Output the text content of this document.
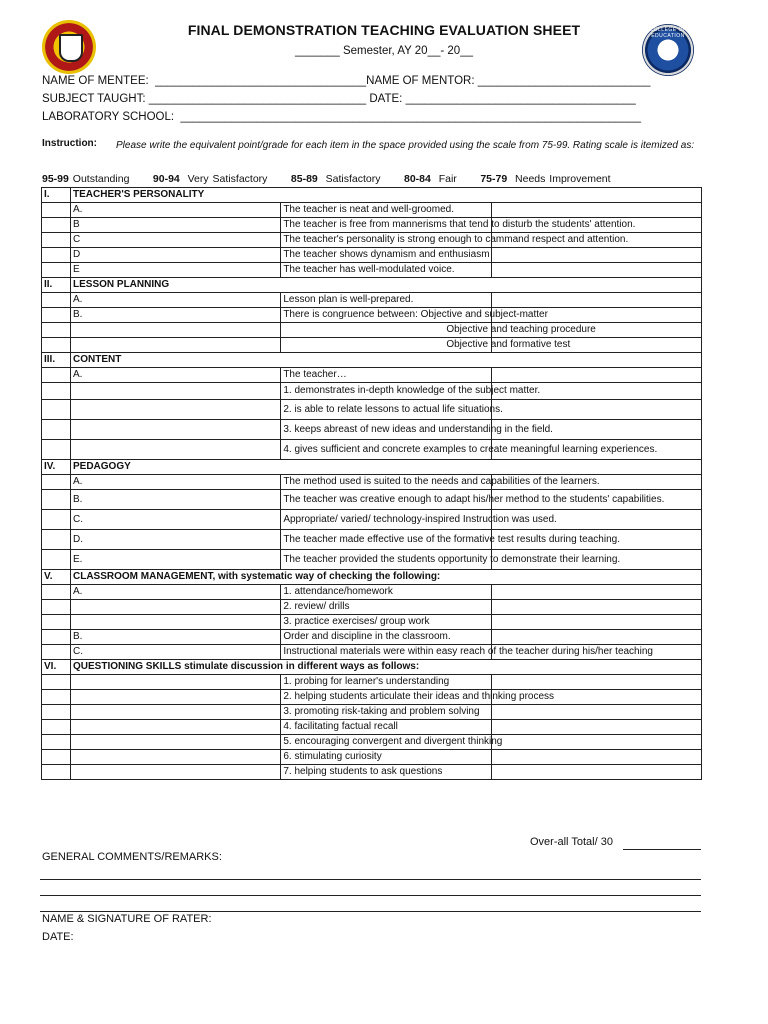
COLLEGE OF EDUCATION
FINAL DEMONSTRATION TEACHING EVALUATION SHEET
_______ Semester, AY 20__- 20__
NAME OF MENTEE:  _________________________________NAME OF MENTOR: ___________________________
SUBJECT TAUGHT: __________________________________ DATE: ____________________________________
LABORATORY SCHOOL:  ________________________________________________________________________
Instruction: Please write the equivalent point/grade for each item in the space provided using the scale from 75-99. Rating scale is itemized as:
95-99 Outstanding 90-94 Very Satisfactory 85-89 Satisfactory 80-84 Fair 75-79 Needs Improvement
I.	TEACHER'S PERSONALITY		
	A.	The teacher is neat and well-groomed.	
	B	The teacher is free from mannerisms that tend to disturb the students' attention.	
	C	The teacher's personality is strong enough to cammand respect and attention.	
	D	The teacher shows dynamism and enthusiasm	
	E	The teacher has well-modulated voice.	
II.	LESSON PLANNING		
	A.	Lesson plan is well-prepared.	
	B.	There is congruence between: Objective and subject-matter	
		Objective and teaching procedure	
		Objective and formative test	
III.	CONTENT		
	A.	The teacher…	
		1. demonstrates in-depth knowledge of the subject matter.	
		2. is able to relate lessons to actual life situations.	
		3. keeps abreast of new ideas and understanding in the field.	
		4. gives sufficient and concrete examples to create meaningful learning experiences.	
IV.	PEDAGOGY		
	A.	The method used is suited to the needs and capabilities of the learners.	
	B.	The teacher was creative enough to adapt his/her method to the students' capabilities.	
	C.	Appropriate/ varied/ technology-inspired Instruction was used.	
	D.	The teacher made effective use of the formative test results during teaching.	
	E.	The teacher provided the students opportunity to demonstrate their learning.	
V.	CLASSROOM MANAGEMENT, with systematic way of checking the following:		
	A.	1. attendance/homework	
		2. review/ drills	
		3. practice exercises/ group work	
	B.	Order and discipline in the classroom.	
	C.	Instructional materials were within easy reach of the teacher during his/her teaching	
VI.	QUESTIONING SKILLS stimulate discussion in different ways as follows:		
		1. probing for learner's understanding	
		2. helping students articulate their ideas and thinking process	
		3. promoting risk-taking and problem solving	
		4. facilitating factual recall	
		5. encouraging convergent and divergent thinking	
		6. stimulating curiosity	
		7. helping students to ask questions	
Over-all Total/ 30
GENERAL COMMENTS/REMARKS:
NAME & SIGNATURE OF RATER:
DATE:
